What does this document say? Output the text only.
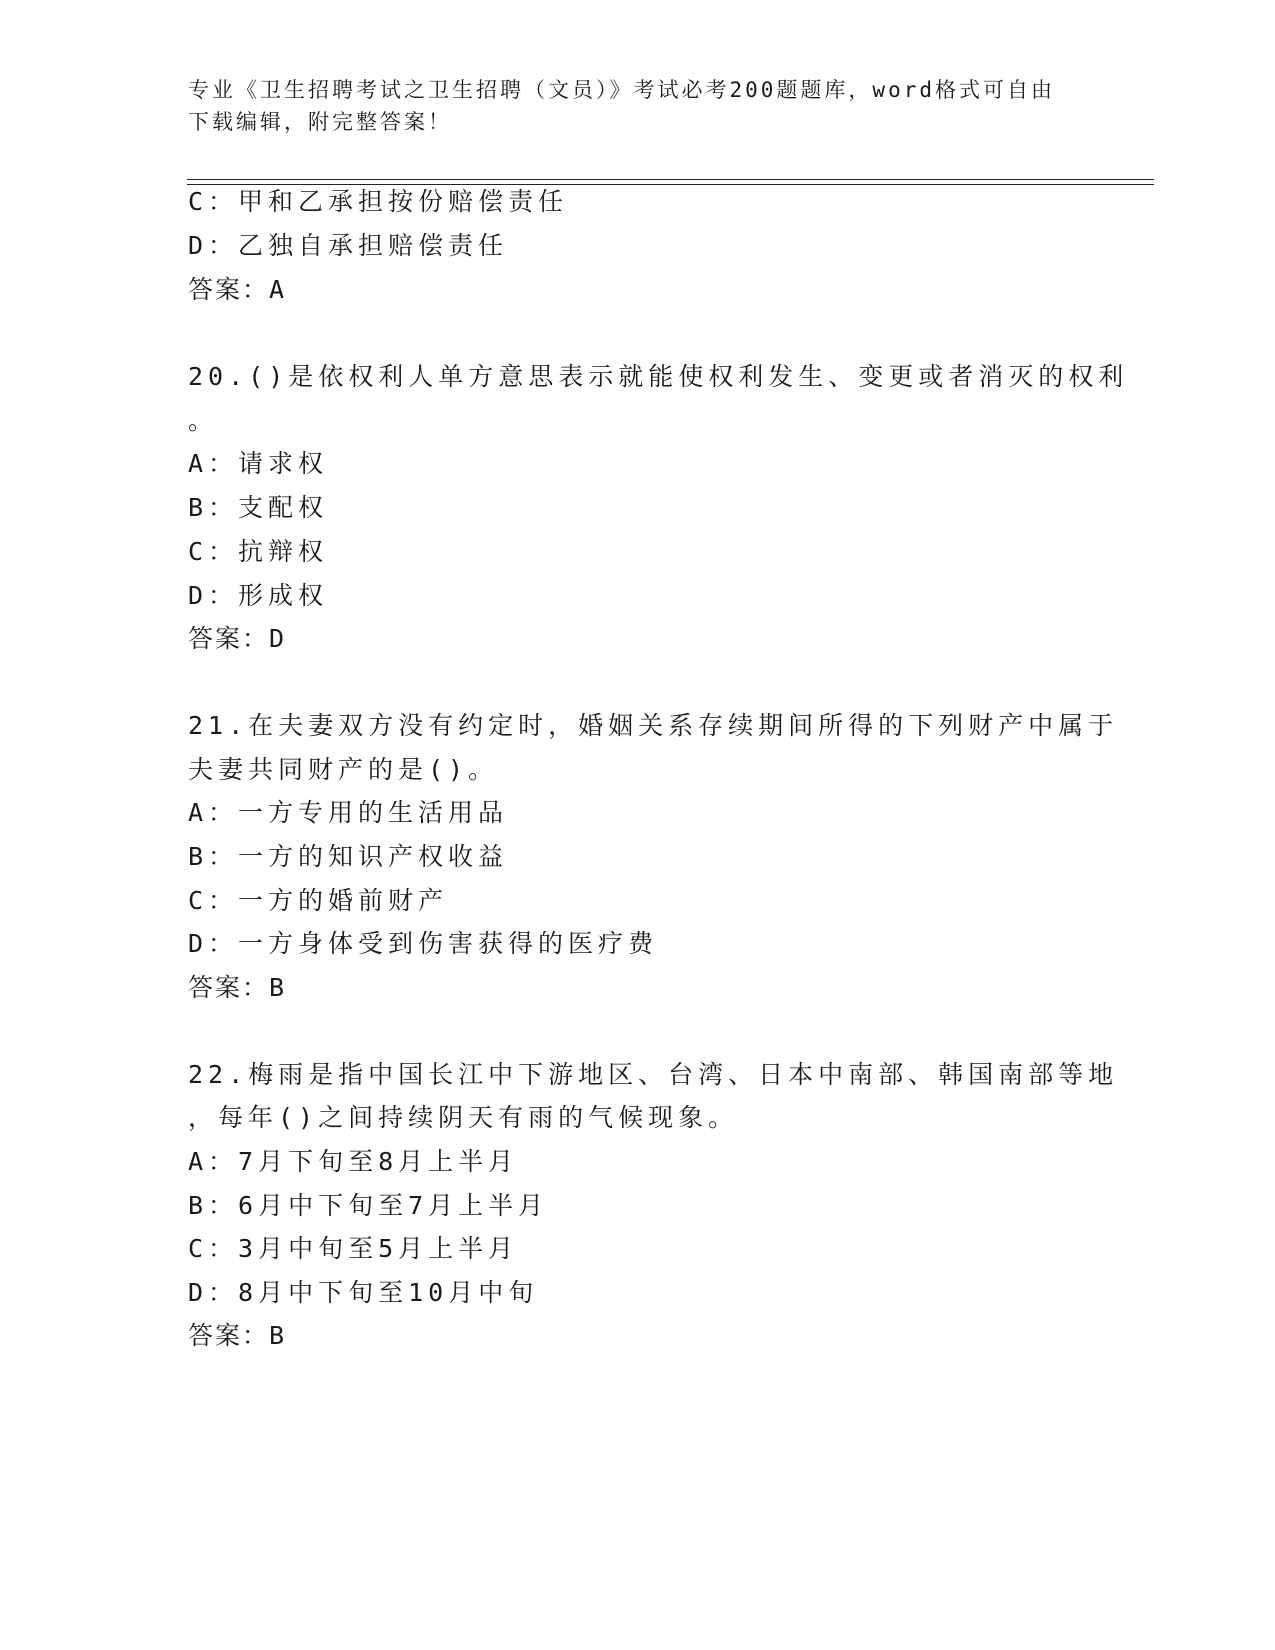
专业《卫生招聘考试之卫生招聘（文员）》考试必考200题题库，word格式可自由下载编辑，附完整答案！
C：甲和乙承担按份赔偿责任
D：乙独自承担赔偿责任
答案：A
20.()是依权利人单方意思表示就能使权利发生、变更或者消灭的权利
。
A：请求权
B：支配权
C：抗辩权
D：形成权
答案：D
21.在夫妻双方没有约定时，婚姻关系存续期间所得的下列财产中属于
夫妻共同财产的是()。
A：一方专用的生活用品
B：一方的知识产权收益
C：一方的婚前财产
D：一方身体受到伤害获得的医疗费
答案：B
22.梅雨是指中国长江中下游地区、台湾、日本中南部、韩国南部等地
，每年()之间持续阴天有雨的气候现象。
A：7月下旬至8月上半月
B：6月中下旬至7月上半月
C：3月中旬至5月上半月
D：8月中下旬至10月中旬
答案：B
